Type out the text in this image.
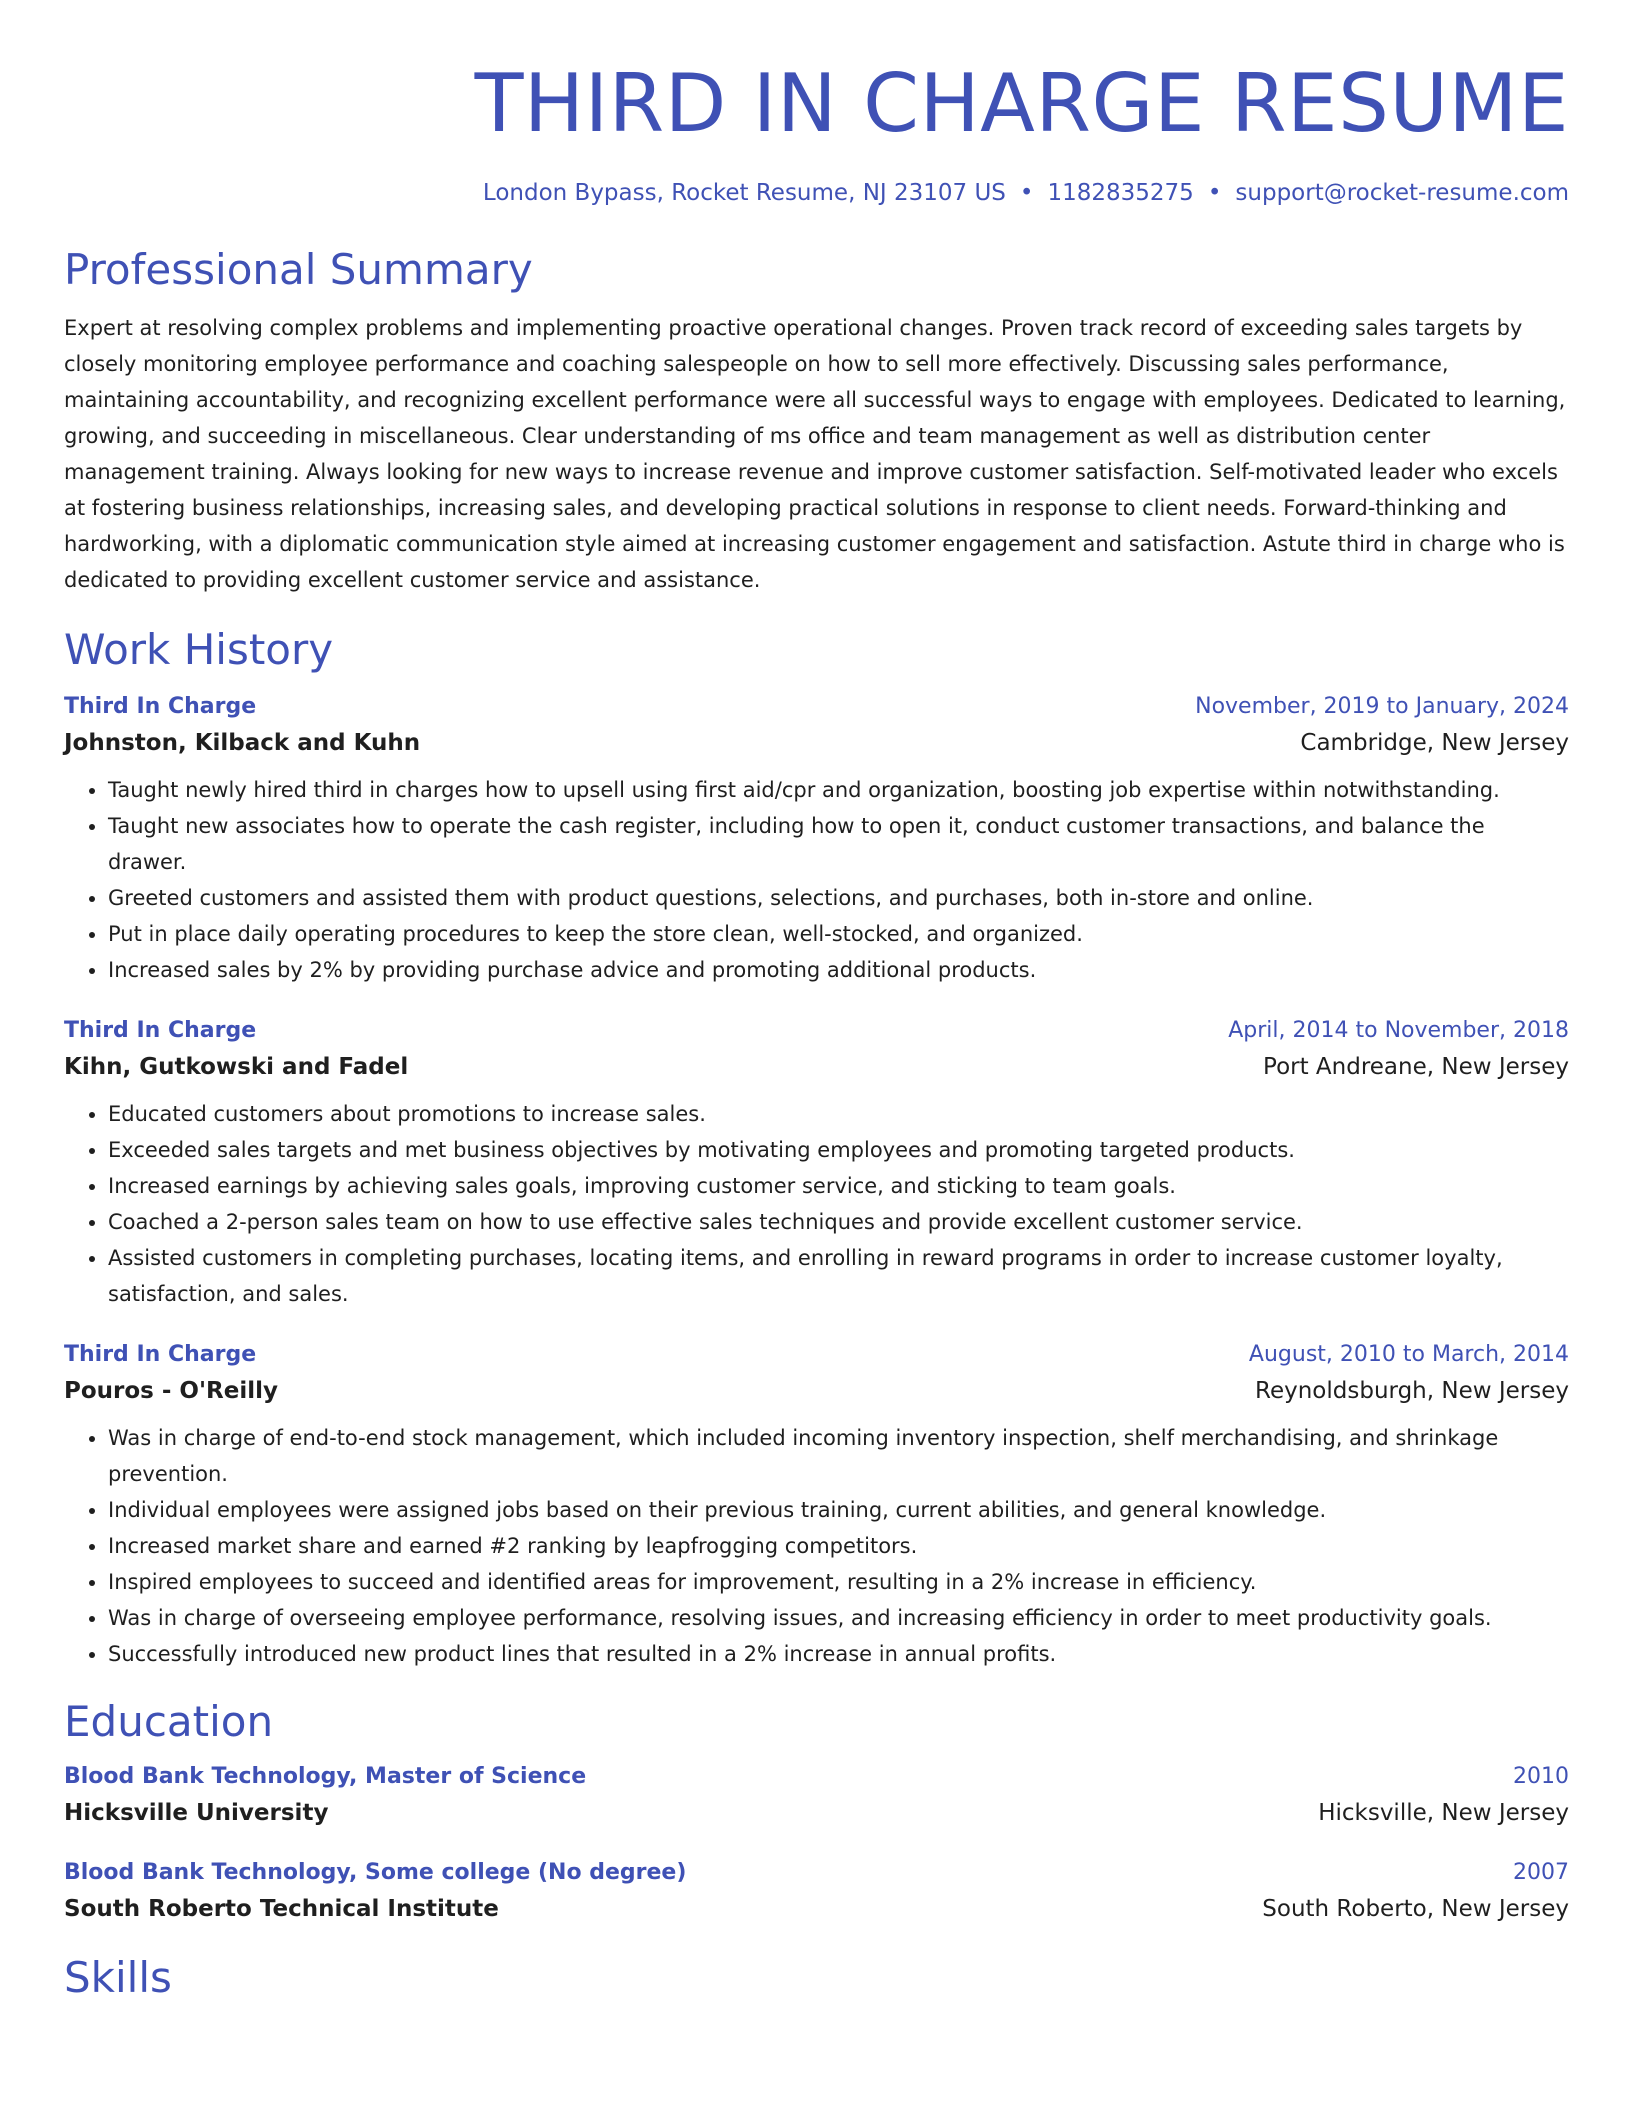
THIRD IN CHARGE RESUME
London Bypass, Rocket Resume, NJ 23107 US • 1182835275 • support@rocket-resume.com
Professional Summary
Expert at resolving complex problems and implementing proactive operational changes. Proven track record of exceeding sales targets by closely monitoring employee performance and coaching salespeople on how to sell more effectively. Discussing sales performance, maintaining accountability, and recognizing excellent performance were all successful ways to engage with employees. Dedicated to learning, growing, and succeeding in miscellaneous. Clear understanding of ms office and team management as well as distribution center management training. Always looking for new ways to increase revenue and improve customer satisfaction. Self-motivated leader who excels at fostering business relationships, increasing sales, and developing practical solutions in response to client needs. Forward-thinking and hardworking, with a diplomatic communication style aimed at increasing customer engagement and satisfaction. Astute third in charge who is dedicated to providing excellent customer service and assistance.
Work History
Third In Charge	November, 2019 to January, 2024
Johnston, Kilback and Kuhn	Cambridge, New Jersey
• Taught newly hired third in charges how to upsell using first aid/cpr and organization, boosting job expertise within notwithstanding.
• Taught new associates how to operate the cash register, including how to open it, conduct customer transactions, and balance the drawer.
• Greeted customers and assisted them with product questions, selections, and purchases, both in-store and online.
• Put in place daily operating procedures to keep the store clean, well-stocked, and organized.
• Increased sales by 2% by providing purchase advice and promoting additional products.
Third In Charge	April, 2014 to November, 2018
Kihn, Gutkowski and Fadel	Port Andreane, New Jersey
• Educated customers about promotions to increase sales.
• Exceeded sales targets and met business objectives by motivating employees and promoting targeted products.
• Increased earnings by achieving sales goals, improving customer service, and sticking to team goals.
• Coached a 2-person sales team on how to use effective sales techniques and provide excellent customer service.
• Assisted customers in completing purchases, locating items, and enrolling in reward programs in order to increase customer loyalty, satisfaction, and sales.
Third In Charge	August, 2010 to March, 2014
Pouros - O'Reilly	Reynoldsburgh, New Jersey
• Was in charge of end-to-end stock management, which included incoming inventory inspection, shelf merchandising, and shrinkage prevention.
• Individual employees were assigned jobs based on their previous training, current abilities, and general knowledge.
• Increased market share and earned #2 ranking by leapfrogging competitors.
• Inspired employees to succeed and identified areas for improvement, resulting in a 2% increase in efficiency.
• Was in charge of overseeing employee performance, resolving issues, and increasing efficiency in order to meet productivity goals.
• Successfully introduced new product lines that resulted in a 2% increase in annual profits.
Education
Blood Bank Technology, Master of Science	2010
Hicksville University	Hicksville, New Jersey
Blood Bank Technology, Some college (No degree)	2007
South Roberto Technical Institute	South Roberto, New Jersey
Skills
